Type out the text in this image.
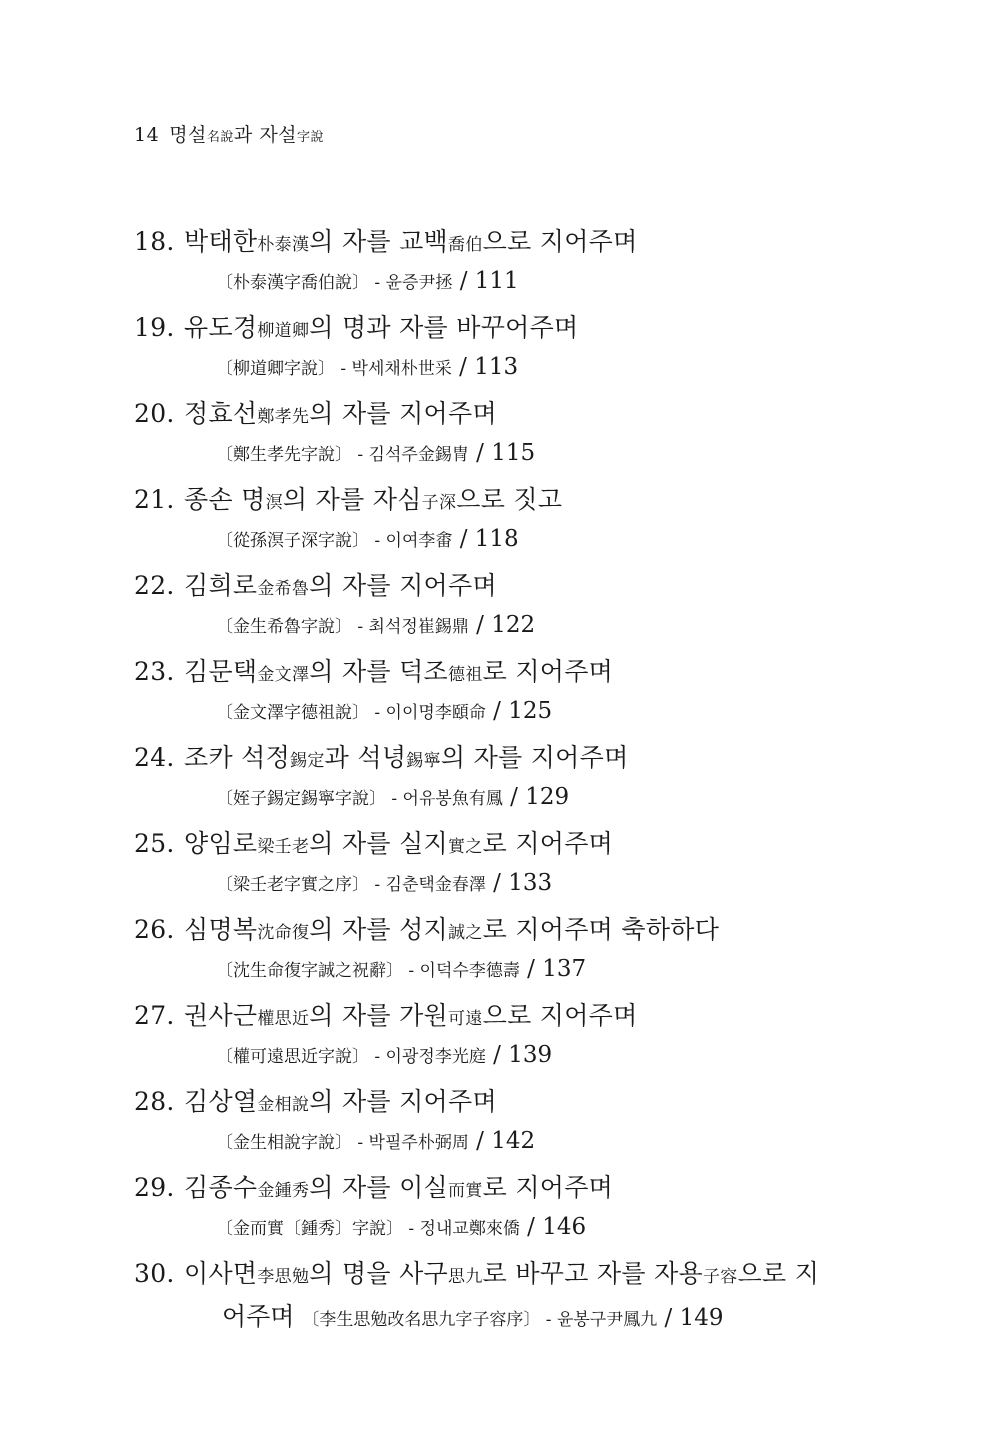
14 명설名說과 자설字說
18. 박태한朴泰漢의 자를 교백喬伯으로 지어주며
〔朴泰漢字喬伯說〕 - 윤증尹拯 / 111
19. 유도경柳道卿의 명과 자를 바꾸어주며
〔柳道卿字說〕 - 박세채朴世采 / 113
20. 정효선鄭孝先의 자를 지어주며
〔鄭生孝先字說〕 - 김석주金錫冑 / 115
21. 종손 명溟의 자를 자심子深으로 짓고
〔從孫溟子深字說〕 - 이여李畬 / 118
22. 김희로金希魯의 자를 지어주며
〔金生希魯字說〕 - 최석정崔錫鼎 / 122
23. 김문택金文澤의 자를 덕조德祖로 지어주며
〔金文澤字德祖說〕 - 이이명李頤命 / 125
24. 조카 석정錫定과 석녕錫寧의 자를 지어주며
〔姪子錫定錫寧字說〕 - 어유봉魚有鳳 / 129
25. 양임로梁壬老의 자를 실지實之로 지어주며
〔梁壬老字實之序〕 - 김춘택金春澤 / 133
26. 심명복沈命復의 자를 성지誠之로 지어주며 축하하다
〔沈生命復字誠之祝辭〕 - 이덕수李德壽 / 137
27. 권사근權思近의 자를 가원可遠으로 지어주며
〔權可遠思近字說〕 - 이광정李光庭 / 139
28. 김상열金相說의 자를 지어주며
〔金生相說字說〕 - 박필주朴弼周 / 142
29. 김종수金鍾秀의 자를 이실而實로 지어주며
〔金而實〔鍾秀〕字說〕 - 정내교鄭來僑 / 146
30. 이사면李思勉의 명을 사구思九로 바꾸고 자를 자용子容으로 지
어주며 〔李生思勉改名思九字子容序〕 - 윤봉구尹鳳九 / 149
